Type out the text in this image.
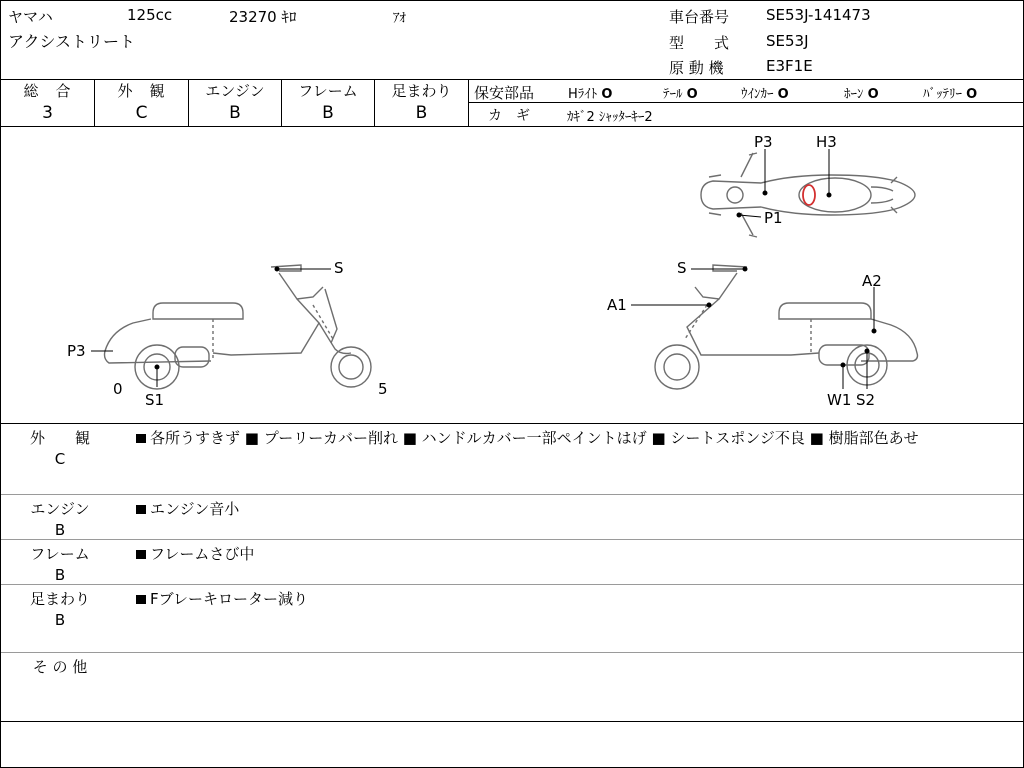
ヤマハ	125cc	23270 ｷﾛ	ｱｵ
アクシストリート
車台番号 SE53J-141473
型　　式 SE53J
原 動 機	E3F1E
総　合
3
外　観
C
エンジン
B
フレーム
B
足まわり
B
保安部品	Hﾗｲﾄ O	ﾃｰﾙ O	ｳｲﾝｶｰ O	ﾎｰﾝ O	ﾊﾞｯﾃﾘｰ O
カ　ギ	ｶｷﾞ2 ｼｬｯﾀｰｷｰ2
P3	H3
P1
S
P3
0
S1
5
S
A1
A2
W1 S2
外　　観
C
各所うすきず ■ プーリーカバー削れ ■ ハンドルカバー一部ペイントはげ ■ シートスポンジ不良 ■ 樹脂部色あせ
エンジン
B
エンジン音小
フレーム
B
フレームさび中
足まわり
B
Fブレーキローター減り
そ の 他
